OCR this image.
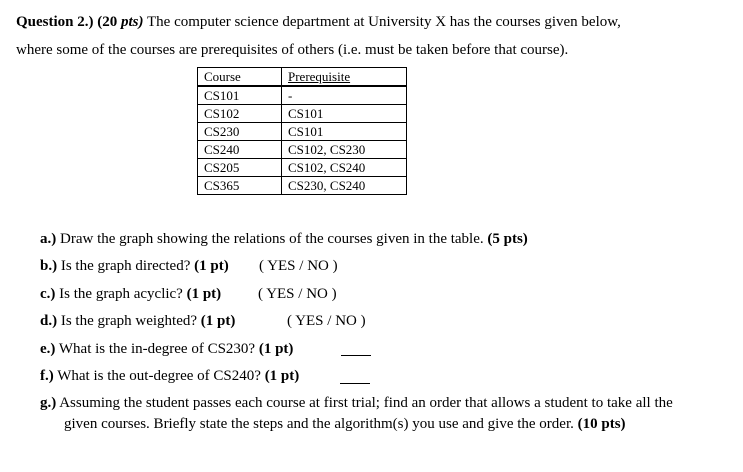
Question 2.) (20 pts) The computer science department at University X has the courses given below,
where some of the courses are prerequisites of others (i.e. must be taken before that course).
Course	Prerequisite
CS101	-
CS102	CS101
CS230	CS101
CS240	CS102, CS230
CS205	CS102, CS240
CS365	CS230, CS240
a.) Draw the graph showing the relations of the courses given in the table. (5 pts)
b.) Is the graph directed? (1 pt) ( YES / NO )
c.) Is the graph acyclic? (1 pt) ( YES / NO )
d.) Is the graph weighted? (1 pt)	( YES / NO )
e.) What is the in-degree of CS230? (1 pt)
f.) What is the out-degree of CS240? (1 pt)
g.) Assuming the student passes each course at first trial; find an order that allows a student to take all the given courses. Briefly state the steps and the algorithm(s) you use and give the order. (10 pts)
